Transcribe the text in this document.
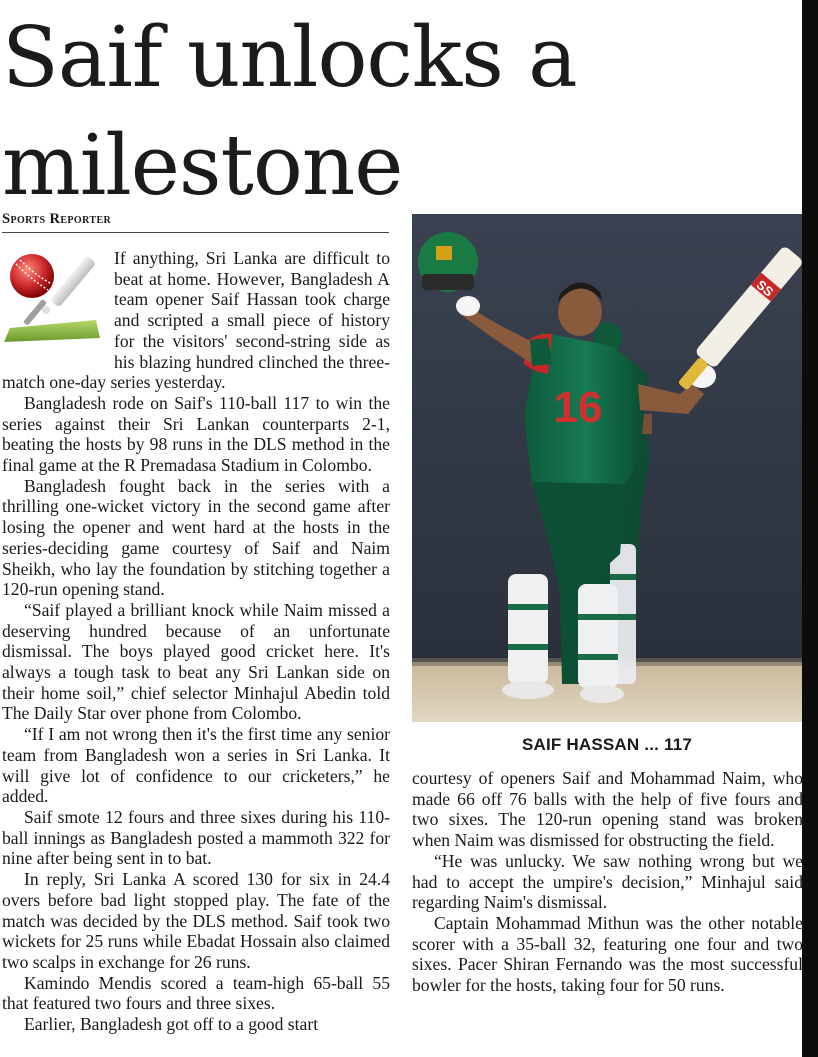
Saif unlocks a milestone
Sports Reporter

If anything, Sri Lanka are difficult to beat at home. However, Bangladesh A team opener Saif Hassan took charge and scripted a small piece of history for the visitors' second-string side as his blazing hundred clinched the three-match one-day series yesterday.

Bangladesh rode on Saif's 110-ball 117 to win the series against their Sri Lankan counterparts 2-1, beating the hosts by 98 runs in the DLS method in the final game at the R Premadasa Stadium in Colombo.

Bangladesh fought back in the series with a thrilling one-wicket victory in the second game after losing the opener and went hard at the hosts in the series-deciding game courtesy of Saif and Naim Sheikh, who lay the foundation by stitching together a 120-run opening stand.

“Saif played a brilliant knock while Naim missed a deserving hundred because of an unfortunate dismissal. The boys played good cricket here. It's always a tough task to beat any Sri Lankan side on their home soil,” chief selector Minhajul Abedin told The Daily Star over phone from Colombo.

“If I am not wrong then it's the first time any senior team from Bangladesh won a series in Sri Lanka. It will give lot of confidence to our cricketers,” he added.

Saif smote 12 fours and three sixes during his 110-ball innings as Bangladesh posted a mammoth 322 for nine after being sent in to bat.

In reply, Sri Lanka A scored 130 for six in 24.4 overs before bad light stopped play. The fate of the match was decided by the DLS method. Saif took two wickets for 25 runs while Ebadat Hossain also claimed two scalps in exchange for 26 runs.

Kamindo Mendis scored a team-high 65-ball 55 that featured two fours and three sixes.

Earlier, Bangladesh got off to a good start

16
SS
SAIF HASSAN ... 117

courtesy of openers Saif and Mohammad Naim, who made 66 off 76 balls with the help of five fours and two sixes. The 120-run opening stand was broken when Naim was dismissed for obstructing the field.

“He was unlucky. We saw nothing wrong but we had to accept the umpire's decision,” Minhajul said regarding Naim's dismissal.

Captain Mohammad Mithun was the other notable scorer with a 35-ball 32, featuring one four and two sixes. Pacer Shiran Fernando was the most successful bowler for the hosts, taking four for 50 runs.
